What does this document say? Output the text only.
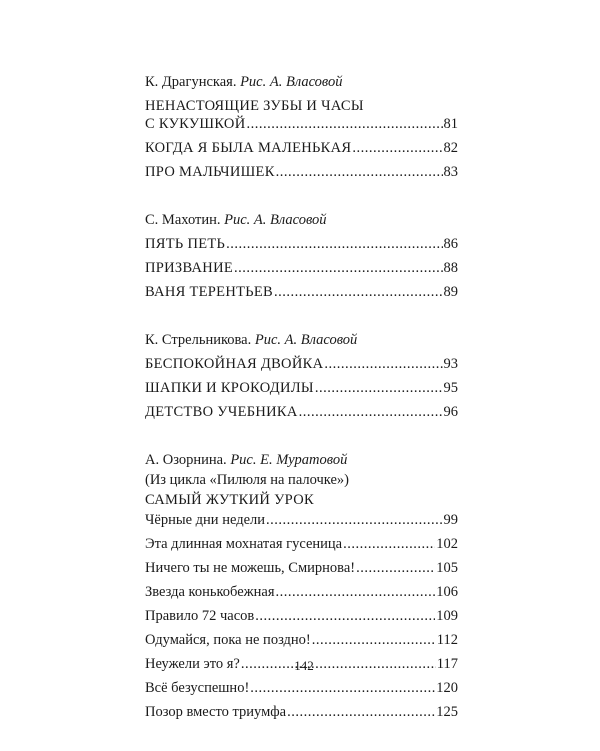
К. Драгунская. Рис. А. Власовой
НЕНАСТОЯЩИЕ ЗУБЫ И ЧАСЫ
С КУКУШКОЙ .....	81
КОГДА Я БЫЛА МАЛЕНЬКАЯ .....	82
ПРО МАЛЬЧИШЕК .....	83
С. Махотин. Рис. А. Власовой
ПЯТЬ ПЕТЬ .....	86
ПРИЗВАНИЕ .....	88
ВАНЯ ТЕРЕНТЬЕВ .....	89
К. Стрельникова. Рис. А. Власовой
БЕСПОКОЙНАЯ ДВОЙКА .....	93
ШАПКИ И КРОКОДИЛЫ .....	95
ДЕТСТВО УЧЕБНИКА .....	96
А. Озорнина. Рис. Е. Муратовой
(Из цикла «Пилюля на палочке»)
САМЫЙ ЖУТКИЙ УРОК
Чёрные дни недели .....	99
Эта длинная мохнатая гусеница .....	102
Ничего ты не можешь, Смирнова! .....	105
Звезда конькобежная .....	106
Правило 72 часов .....	109
Одумайся, пока не поздно! .....	112
Неужели это я? .....	117
Всё безуспешно! .....	120
Позор вместо триумфа .....	125
142
